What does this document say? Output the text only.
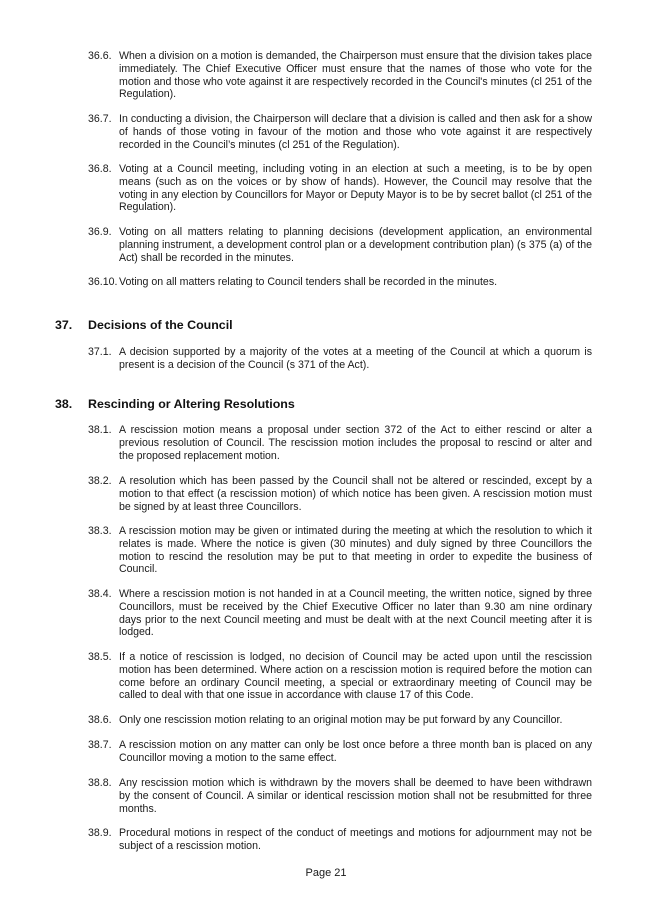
36.6. When a division on a motion is demanded, the Chairperson must ensure that the division takes place immediately. The Chief Executive Officer must ensure that the names of those who vote for the motion and those who vote against it are respectively recorded in the Council's minutes (cl 251 of the Regulation).
36.7. In conducting a division, the Chairperson will declare that a division is called and then ask for a show of hands of those voting in favour of the motion and those who vote against it are respectively recorded in the Council’s minutes (cl 251 of the Regulation).
36.8. Voting at a Council meeting, including voting in an election at such a meeting, is to be by open means (such as on the voices or by show of hands). However, the Council may resolve that the voting in any election by Councillors for Mayor or Deputy Mayor is to be by secret ballot (cl 251 of the Regulation).
36.9. Voting on all matters relating to planning decisions (development application, an environmental planning instrument, a development control plan or a development contribution plan) (s 375 (a) of the Act) shall be recorded in the minutes.
36.10. Voting on all matters relating to Council tenders shall be recorded in the minutes.
37. Decisions of the Council
37.1. A decision supported by a majority of the votes at a meeting of the Council at which a quorum is present is a decision of the Council (s 371 of the Act).
38. Rescinding or Altering Resolutions
38.1. A rescission motion means a proposal under section 372 of the Act to either rescind or alter a previous resolution of Council. The rescission motion includes the proposal to rescind or alter and the proposed replacement motion.
38.2. A resolution which has been passed by the Council shall not be altered or rescinded, except by a motion to that effect (a rescission motion) of which notice has been given. A rescission motion must be signed by at least three Councillors.
38.3. A rescission motion may be given or intimated during the meeting at which the resolution to which it relates is made. Where the notice is given (30 minutes) and duly signed by three Councillors the motion to rescind the resolution may be put to that meeting in order to expedite the business of Council.
38.4. Where a rescission motion is not handed in at a Council meeting, the written notice, signed by three Councillors, must be received by the Chief Executive Officer no later than 9.30 am nine ordinary days prior to the next Council meeting and must be dealt with at the next Council meeting after it is lodged.
38.5. If a notice of rescission is lodged, no decision of Council may be acted upon until the rescission motion has been determined. Where action on a rescission motion is required before the motion can come before an ordinary Council meeting, a special or extraordinary meeting of Council may be called to deal with that one issue in accordance with clause 17 of this Code.
38.6. Only one rescission motion relating to an original motion may be put forward by any Councillor.
38.7. A rescission motion on any matter can only be lost once before a three month ban is placed on any Councillor moving a motion to the same effect.
38.8. Any rescission motion which is withdrawn by the movers shall be deemed to have been withdrawn by the consent of Council. A similar or identical rescission motion shall not be resubmitted for three months.
38.9. Procedural motions in respect of the conduct of meetings and motions for adjournment may not be subject of a rescission motion.
Page 21
